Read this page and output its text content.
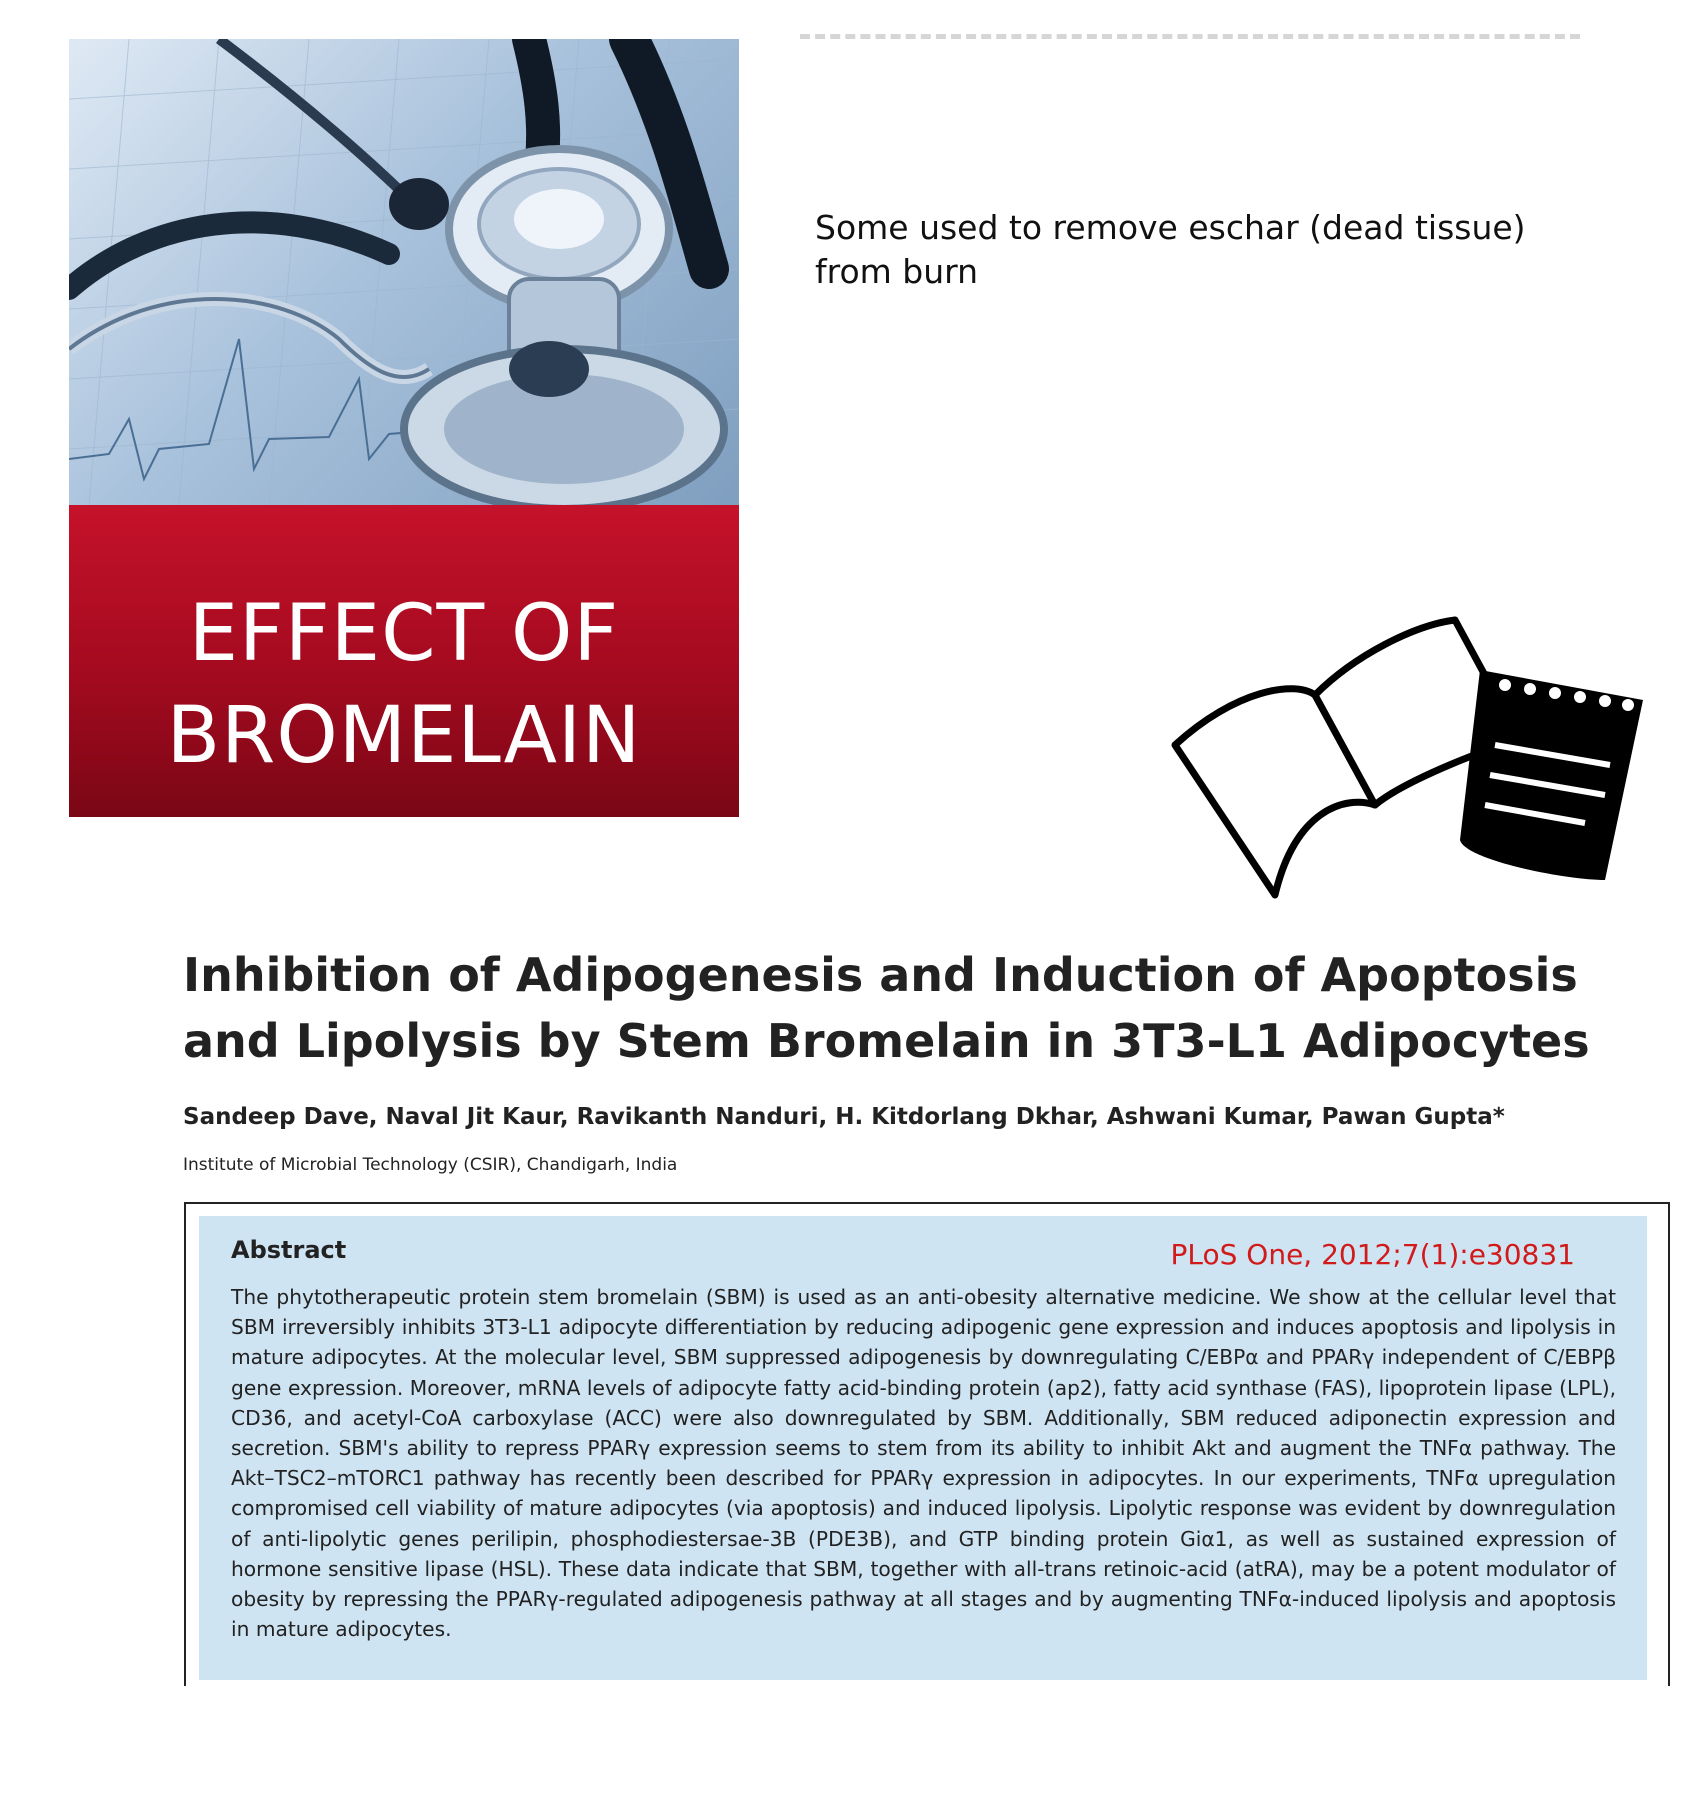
EFFECT OF BROMELAIN
Some used to remove eschar (dead tissue) from burn
Inhibition of Adipogenesis and Induction of Apoptosis and Lipolysis by Stem Bromelain in 3T3-L1 Adipocytes
Sandeep Dave, Naval Jit Kaur, Ravikanth Nanduri, H. Kitdorlang Dkhar, Ashwani Kumar, Pawan Gupta*
Institute of Microbial Technology (CSIR), Chandigarh, India
Abstract	PLoS One, 2012;7(1):e30831
The phytotherapeutic protein stem bromelain (SBM) is used as an anti-obesity alternative medicine. We show at the cellular level that SBM irreversibly inhibits 3T3-L1 adipocyte differentiation by reducing adipogenic gene expression and induces apoptosis and lipolysis in mature adipocytes. At the molecular level, SBM suppressed adipogenesis by downregulating C/EBPα and PPARγ independent of C/EBPβ gene expression. Moreover, mRNA levels of adipocyte fatty acid-binding protein (ap2), fatty acid synthase (FAS), lipoprotein lipase (LPL), CD36, and acetyl-CoA carboxylase (ACC) were also downregulated by SBM. Additionally, SBM reduced adiponectin expression and secretion. SBM's ability to repress PPARγ expression seems to stem from its ability to inhibit Akt and augment the TNFα pathway. The Akt–TSC2–mTORC1 pathway has recently been described for PPARγ expression in adipocytes. In our experiments, TNFα upregulation compromised cell viability of mature adipocytes (via apoptosis) and induced lipolysis. Lipolytic response was evident by downregulation of anti-lipolytic genes perilipin, phosphodiestersae-3B (PDE3B), and GTP binding protein Giα1, as well as sustained expression of hormone sensitive lipase (HSL). These data indicate that SBM, together with all-trans retinoic-acid (atRA), may be a potent modulator of obesity by repressing the PPARγ-regulated adipogenesis pathway at all stages and by augmenting TNFα-induced lipolysis and apoptosis in mature adipocytes.
